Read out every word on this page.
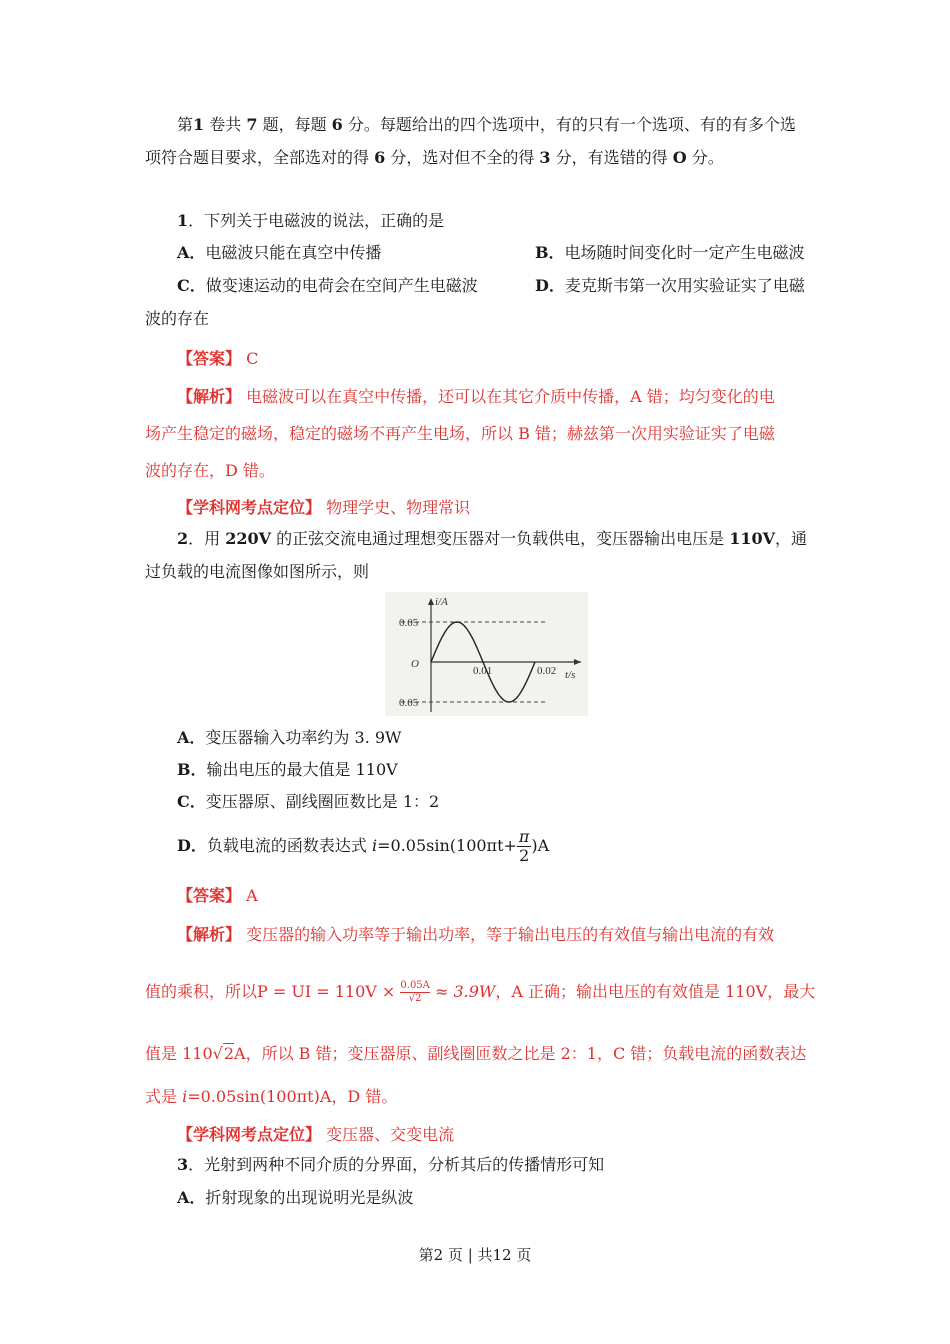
第1 卷共 7 题，每题 6 分。每题给出的四个选项中，有的只有一个选项、有的有多个选
项符合题目要求，全部选对的得 6 分，选对但不全的得 3 分，有选错的得 O 分。
1．下列关于电磁波的说法，正确的是
A．电磁波只能在真空中传播	B．电场随时间变化时一定产生电磁波
C．做变速运动的电荷会在空间产生电磁波	D．麦克斯韦第一次用实验证实了电磁
波的存在
【答案】 C
【解析】 电磁波可以在真空中传播，还可以在其它介质中传播，A 错；均匀变化的电
场产生稳定的磁场，稳定的磁场不再产生电场，所以 B 错；赫兹第一次用实验证实了电磁
波的存在，D 错。
【学科网考点定位】 物理学史、物理常识
2．用 220V 的正弦交流电通过理想变压器对一负载供电，变压器输出电压是 110V，通
过负载的电流图像如图所示，则
i/A
t/s
O
0.05
0.05
0.01	0.02
A．变压器输入功率约为 3. 9W
B．输出电压的最大值是 110V
C．变压器原、副线圈匝数比是 1：2
D．负载电流的函数表达式 $i=0.05\sin(100\pi t+ \frac{\pi}{2} )A$
【答案】 A
【解析】 变压器的输入功率等于输出功率，等于输出电压的有效值与输出电流的有效
值的乘积，所以P = UI = $110V \times \frac{0.05A}{√2} \approx 3.9W$，A 正确；输出电压的有效值是 110V，最大
值是 110√2A，所以 B 错；变压器原、副线圈匝数之比是 2：1，C 错；负载电流的函数表达
式是 i=0.05sin(100πt)A，D 错。
【学科网考点定位】 变压器、交变电流
3．光射到两种不同介质的分界面，分析其后的传播情形可知
A．折射现象的出现说明光是纵波
第2 页 | 共12 页
